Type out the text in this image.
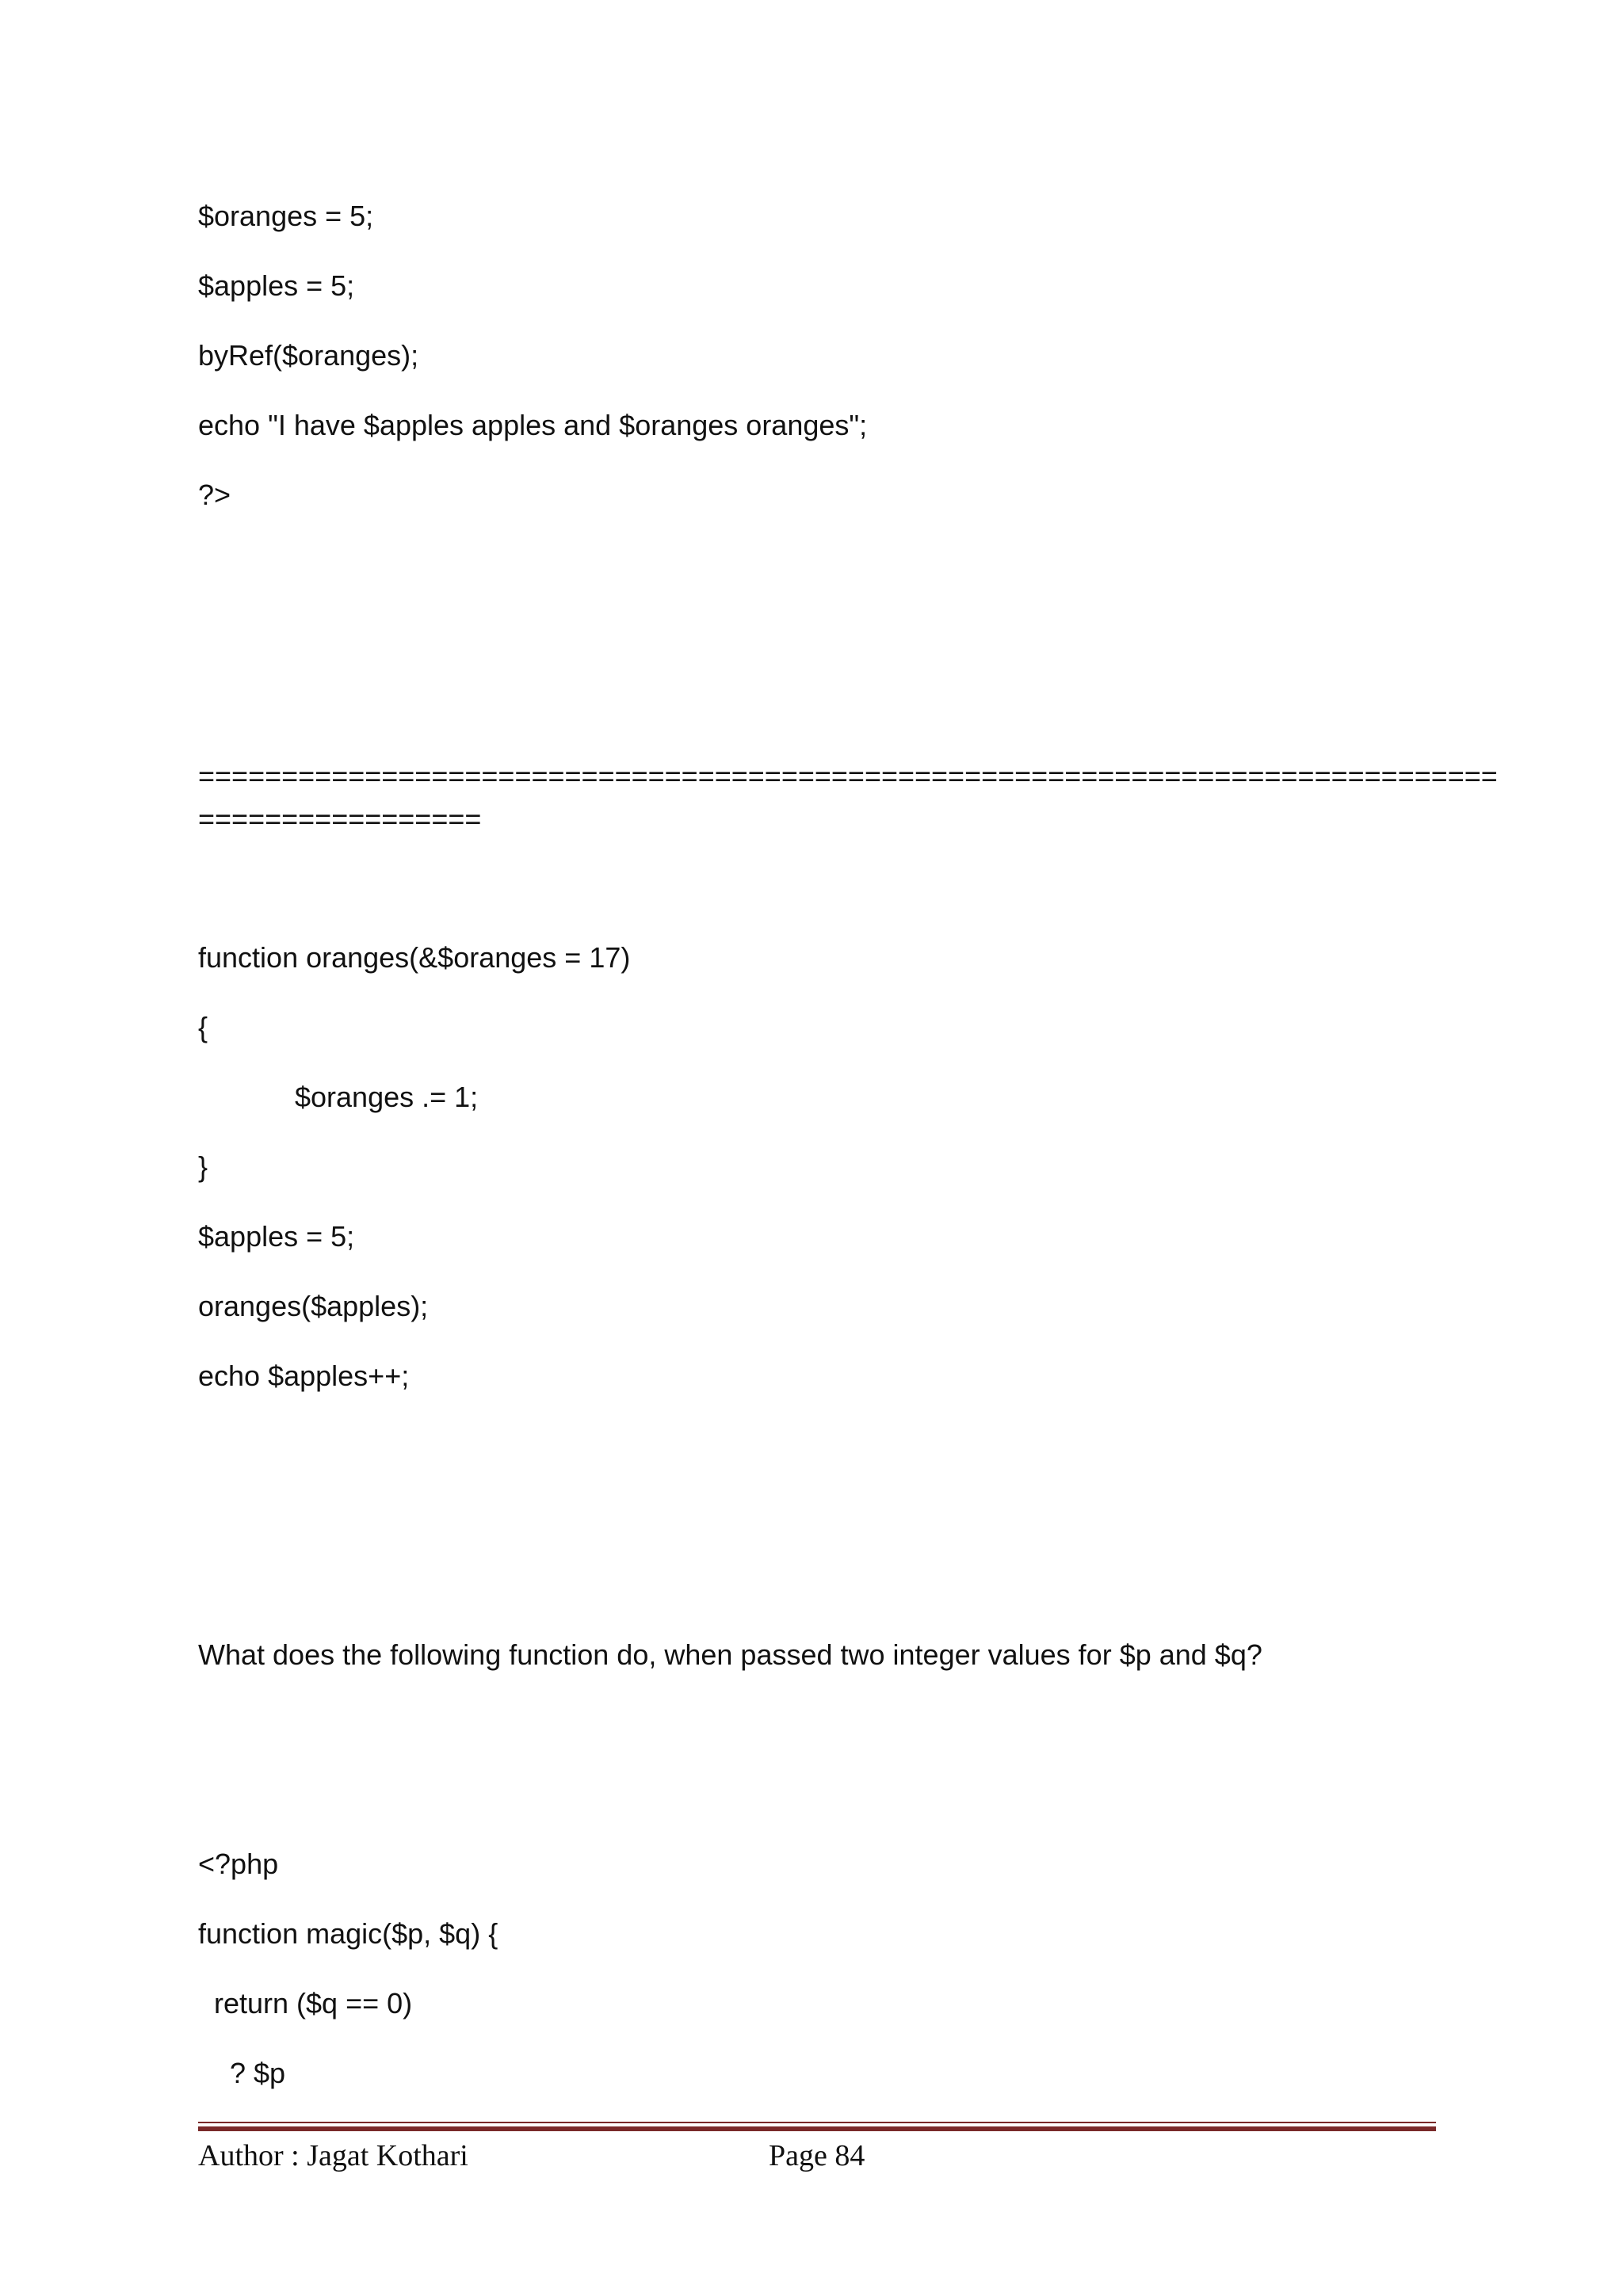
$oranges = 5;
$apples = 5;
byRef($oranges);
echo "I have $apples apples and $oranges oranges";
?>
==============================================================================
=================
function oranges(&$oranges = 17)
{
$oranges .= 1;
}
$apples = 5;
oranges($apples);
echo $apples++;
What does the following function do, when passed two integer values for $p and $q?
<?php
function magic($p, $q) {
return ($q == 0)
? $p
Author : Jagat Kothari	Page 84
